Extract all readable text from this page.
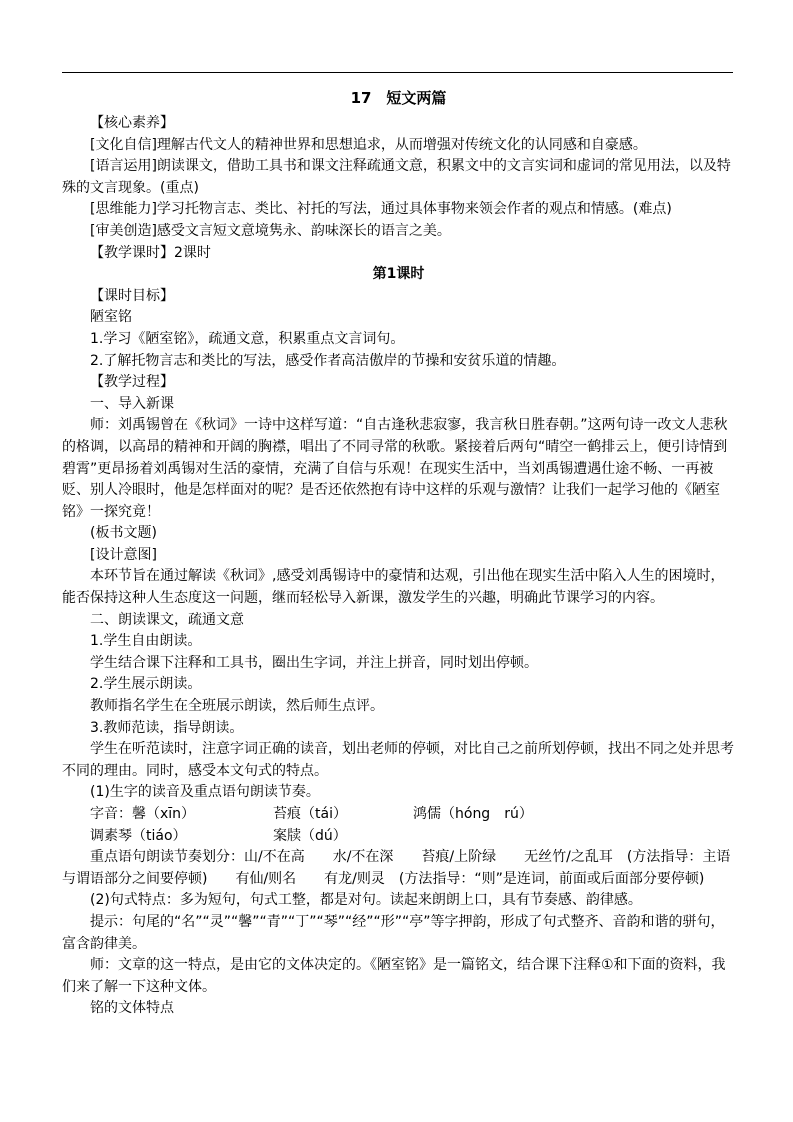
17　短文两篇

【核心素养】

[文化自信]理解古代文人的精神世界和思想追求，从而增强对传统文化的认同感和自豪感。

[语言运用]朗读课文，借助工具书和课文注释疏通文意，积累文中的文言实词和虚词的常见用法，以及特殊的文言现象。(重点)

[思维能力]学习托物言志、类比、衬托的写法，通过具体事物来领会作者的观点和情感。(难点)

[审美创造]感受文言短文意境隽永、韵味深长的语言之美。

【教学课时】2课时

第1课时

【课时目标】

陋室铭

1.学习《陋室铭》，疏通文意，积累重点文言词句。

2.了解托物言志和类比的写法，感受作者高洁傲岸的节操和安贫乐道的情趣。

【教学过程】

一、导入新课

师：刘禹锡曾在《秋词》一诗中这样写道：“自古逢秋悲寂寥，我言秋日胜春朝。”这两句诗一改文人悲秋的格调，以高昂的精神和开阔的胸襟，唱出了不同寻常的秋歌。紧接着后两句“晴空一鹤排云上，便引诗情到碧霄”更昂扬着刘禹锡对生活的豪情，充满了自信与乐观！在现实生活中，当刘禹锡遭遇仕途不畅、一再被贬、别人冷眼时，他是怎样面对的呢？是否还依然抱有诗中这样的乐观与激情？让我们一起学习他的《陋室铭》一探究竟！

(板书文题)

[设计意图]

本环节旨在通过解读《秋词》,感受刘禹锡诗中的豪情和达观，引出他在现实生活中陷入人生的困境时，能否保持这种人生态度这一问题，继而轻松导入新课，激发学生的兴趣，明确此节课学习的内容。

二、朗读课文，疏通文意

1.学生自由朗读。

学生结合课下注释和工具书，圈出生字词，并注上拼音，同时划出停顿。

2.学生展示朗读。

教师指名学生在全班展示朗读，然后师生点评。

3.教师范读，指导朗读。

学生在听范读时，注意字词正确的读音，划出老师的停顿，对比自己之前所划停顿，找出不同之处并思考不同的理由。同时，感受本文句式的特点。

(1)生字的读音及重点语句朗读节奏。

字音：馨（xīn）	苔痕（tái）	鸿儒（hóng　rú）
调素琴（tiáo）	案牍（dú）

重点语句朗读节奏划分：山/不在高　　水/不在深　　苔痕/上阶绿　　无丝竹/之乱耳　(方法指导：主语与谓语部分之间要停顿)　　有仙/则名　　有龙/则灵　(方法指导：“则”是连词，前面或后面部分要停顿)

(2)句式特点：多为短句，句式工整，都是对句。读起来朗朗上口，具有节奏感、韵律感。

提示：句尾的“名”“灵”“馨”“青”“丁”“琴”“经”“形”“亭”等字押韵，形成了句式整齐、音韵和谐的骈句，富含韵律美。

师：文章的这一特点，是由它的文体决定的。《陋室铭》是一篇铭文，结合课下注释①和下面的资料，我们来了解一下这种文体。

铭的文体特点
